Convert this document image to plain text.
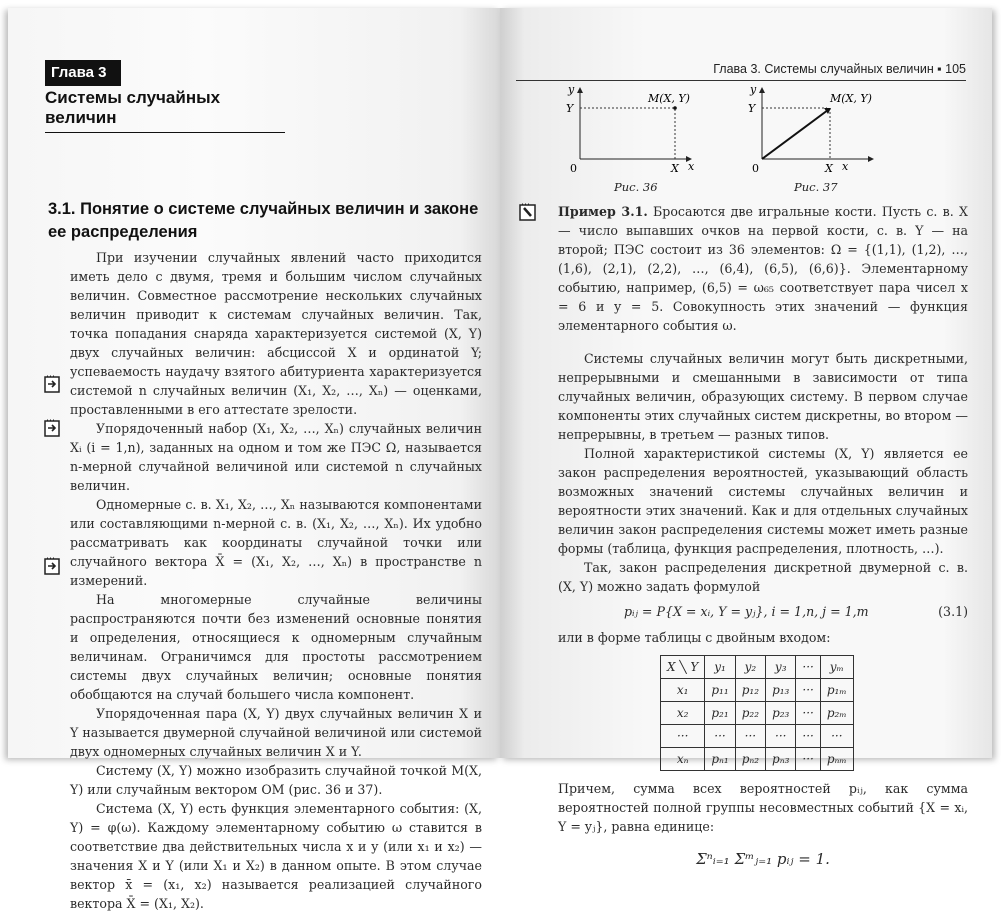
Глава 3
Системы случайных величин
3.1. Понятие о системе случайных величин и законе ее распределения

При изучении случайных явлений часто приходится иметь дело с двумя, тремя и большим числом случайных величин. Совместное рассмотрение нескольких случайных величин приводит к системам случайных величин. Так, точка попадания снаряда характеризуется системой (X, Y) двух случайных величин: абсциссой X и ординатой Y; успеваемость наудачу взятого абитуриента характеризуется системой n случайных величин (X₁, X₂, …, Xₙ) — оценками, проставленными в его аттестате зрелости.

Упорядоченный набор (X₁, X₂, …, Xₙ) случайных величин Xᵢ (i = 1,n), заданных на одном и том же ПЭС Ω, называется n-мерной случайной величиной или системой n случайных величин.

Одномерные с. в. X₁, X₂, …, Xₙ называются компонентами или составляющими n-мерной с. в. (X₁, X₂, …, Xₙ). Их удобно рассматривать как координаты случайной точки или случайного вектора X̄ = (X₁, X₂, …, Xₙ) в пространстве n измерений.

На многомерные случайные величины распространяются почти без изменений основные понятия и определения, относящиеся к одномерным случайным величинам. Ограничимся для простоты рассмотрением системы двух случайных величин; основные понятия обобщаются на случай большего числа компонент.

Упорядоченная пара (X, Y) двух случайных величин X и Y называется двумерной случайной величиной или системой двух одномерных случайных величин X и Y.

Систему (X, Y) можно изобразить случайной точкой M(X, Y) или случайным вектором OM (рис. 36 и 37).

Система (X, Y) есть функция элементарного события: (X, Y) = φ(ω). Каждому элементарному событию ω ставится в соответствие два действительных числа x и y (или x₁ и x₂) — значения X и Y (или X₁ и X₂) в данном опыте. В этом случае вектор x̄ = (x₁, x₂) называется реализацией случайного вектора X̄ = (X₁, X₂).

Глава 3. Системы случайных величин ▪ 105
y
Y
0	X x
M(X, Y)
Рис. 36
y
Y
0	X x
M(X, Y)
Рис. 37

Пример 3.1. Бросаются две игральные кости. Пусть с. в. X — число выпавших очков на первой кости, с. в. Y — на второй; ПЭС состоит из 36 элементов: Ω = {(1,1), (1,2), …, (1,6), (2,1), (2,2), …, (6,4), (6,5), (6,6)}. Элементарному событию, например, (6,5) = ω₆₅ соответствует пара чисел x = 6 и y = 5. Совокупность этих значений — функция элементарного события ω.

Системы случайных величин могут быть дискретными, непрерывными и смешанными в зависимости от типа случайных величин, образующих систему. В первом случае компоненты этих случайных систем дискретны, во втором — непрерывны, в третьем — разных типов.

Полной характеристикой системы (X, Y) является ее закон распределения вероятностей, указывающий область возможных значений системы случайных величин и вероятности этих значений. Как и для отдельных случайных величин закон распределения системы может иметь разные формы (таблица, функция распределения, плотность, …).

Так, закон распределения дискретной двумерной с. в. (X, Y) можно задать формулой

pᵢⱼ = P{X = xᵢ, Y = yⱼ}, i = 1,n, j = 1,m	(3.1)

или в форме таблицы с двойным входом:

X ╲ Y	y₁	y₂	y₃	···	yₘ
x₁	p₁₁	p₁₂	p₁₃	···	p₁ₘ
x₂	p₂₁	p₂₂	p₂₃	···	p₂ₘ
···	···	···	···	···	···
xₙ	pₙ₁	pₙ₂	pₙ₃	···	pₙₘ

Причем, сумма всех вероятностей pᵢⱼ, как сумма вероятностей полной группы несовместных событий {X = xᵢ, Y = yⱼ}, равна единице:

Σⁿᵢ₌₁ Σᵐⱼ₌₁ pᵢⱼ = 1.
